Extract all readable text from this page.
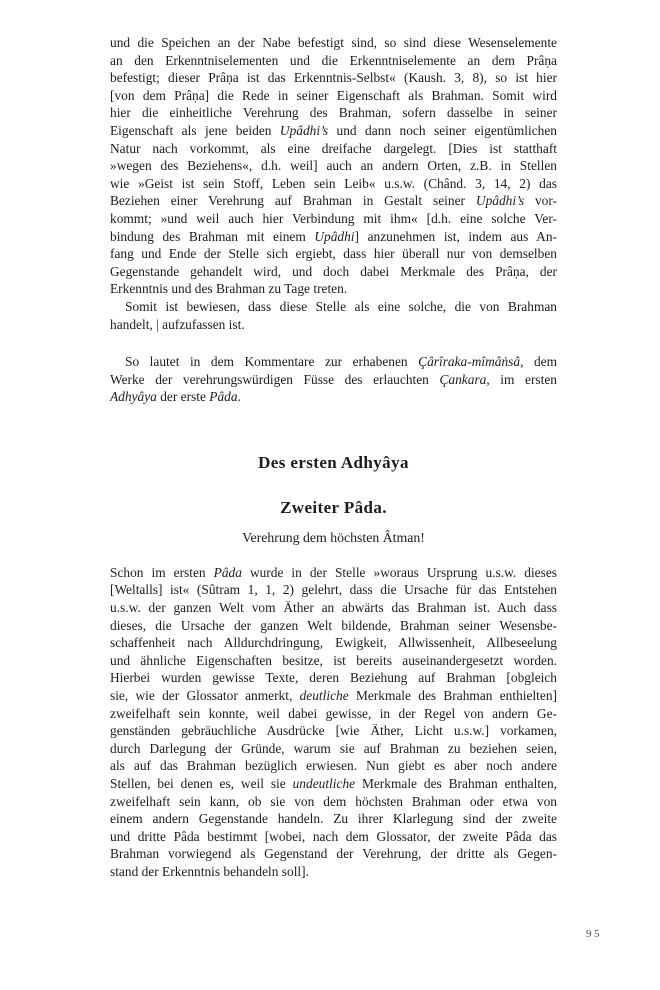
und die Speichen an der Nabe befestigt sind, so sind diese Wesenselemente
an den Erkenntniselementen und die Erkenntniselemente an dem Prâṇa
befestigt; dieser Prâṇa ist das Erkenntnis-Selbst« (Kaush. 3, 8), so ist hier
[von dem Prâṇa] die Rede in seiner Eigenschaft als Brahman. Somit wird
hier die einheitliche Verehrung des Brahman, sofern dasselbe in seiner
Eigenschaft als jene beiden Upâdhi’s und dann noch seiner eigentümlichen
Natur nach vorkommt, als eine dreifache dargelegt. [Dies ist statthaft
»wegen des Beziehens«, d.h. weil] auch an andern Orten, z.B. in Stellen
wie »Geist ist sein Stoff, Leben sein Leib« u.s.w. (Chând. 3, 14, 2) das
Beziehen einer Verehrung auf Brahman in Gestalt seiner Upâdhi’s vor-
kommt; »und weil auch hier Verbindung mit ihm« [d.h. eine solche Ver-
bindung des Brahman mit einem Upâdhi] anzunehmen ist, indem aus An-
fang und Ende der Stelle sich ergiebt, dass hier überall nur von demselben
Gegenstande gehandelt wird, und doch dabei Merkmale des Prâṇa, der
Erkenntnis und des Brahman zu Tage treten.
Somit ist bewiesen, dass diese Stelle als eine solche, die von Brahman
handelt, | aufzufassen ist.
So lautet in dem Kommentare zur erhabenen Çârîraka-mîmâṅsâ, dem
Werke der verehrungswürdigen Füsse des erlauchten Çankara, im ersten
Adhyâya der erste Pâda.
Des ersten Adhyâya
Zweiter Pâda.
Verehrung dem höchsten Âtman!
Schon im ersten Pâda wurde in der Stelle »woraus Ursprung u.s.w. dieses
[Weltalls] ist« (Sûtram 1, 1, 2) gelehrt, dass die Ursache für das Entstehen
u.s.w. der ganzen Welt vom Äther an abwärts das Brahman ist. Auch dass
dieses, die Ursache der ganzen Welt bildende, Brahman seiner Wesensbe-
schaffenheit nach Alldurchdringung, Ewigkeit, Allwissenheit, Allbeseelung
und ähnliche Eigenschaften besitze, ist bereits auseinandergesetzt worden.
Hierbei wurden gewisse Texte, deren Beziehung auf Brahman [obgleich
sie, wie der Glossator anmerkt, deutliche Merkmale des Brahman enthielten]
zweifelhaft sein konnte, weil dabei gewisse, in der Regel von andern Ge-
genständen gebräuchliche Ausdrücke [wie Äther, Licht u.s.w.] vorkamen,
durch Darlegung der Gründe, warum sie auf Brahman zu beziehen seien,
als auf das Brahman bezüglich erwiesen. Nun giebt es aber noch andere
Stellen, bei denen es, weil sie undeutliche Merkmale des Brahman enthalten,
zweifelhaft sein kann, ob sie von dem höchsten Brahman oder etwa von
einem andern Gegenstande handeln. Zu ihrer Klarlegung sind der zweite
und dritte Pâda bestimmt [wobei, nach dem Glossator, der zweite Pâda das
Brahman vorwiegend als Gegenstand der Verehrung, der dritte als Gegen-
stand der Erkenntnis behandeln soll].
95
